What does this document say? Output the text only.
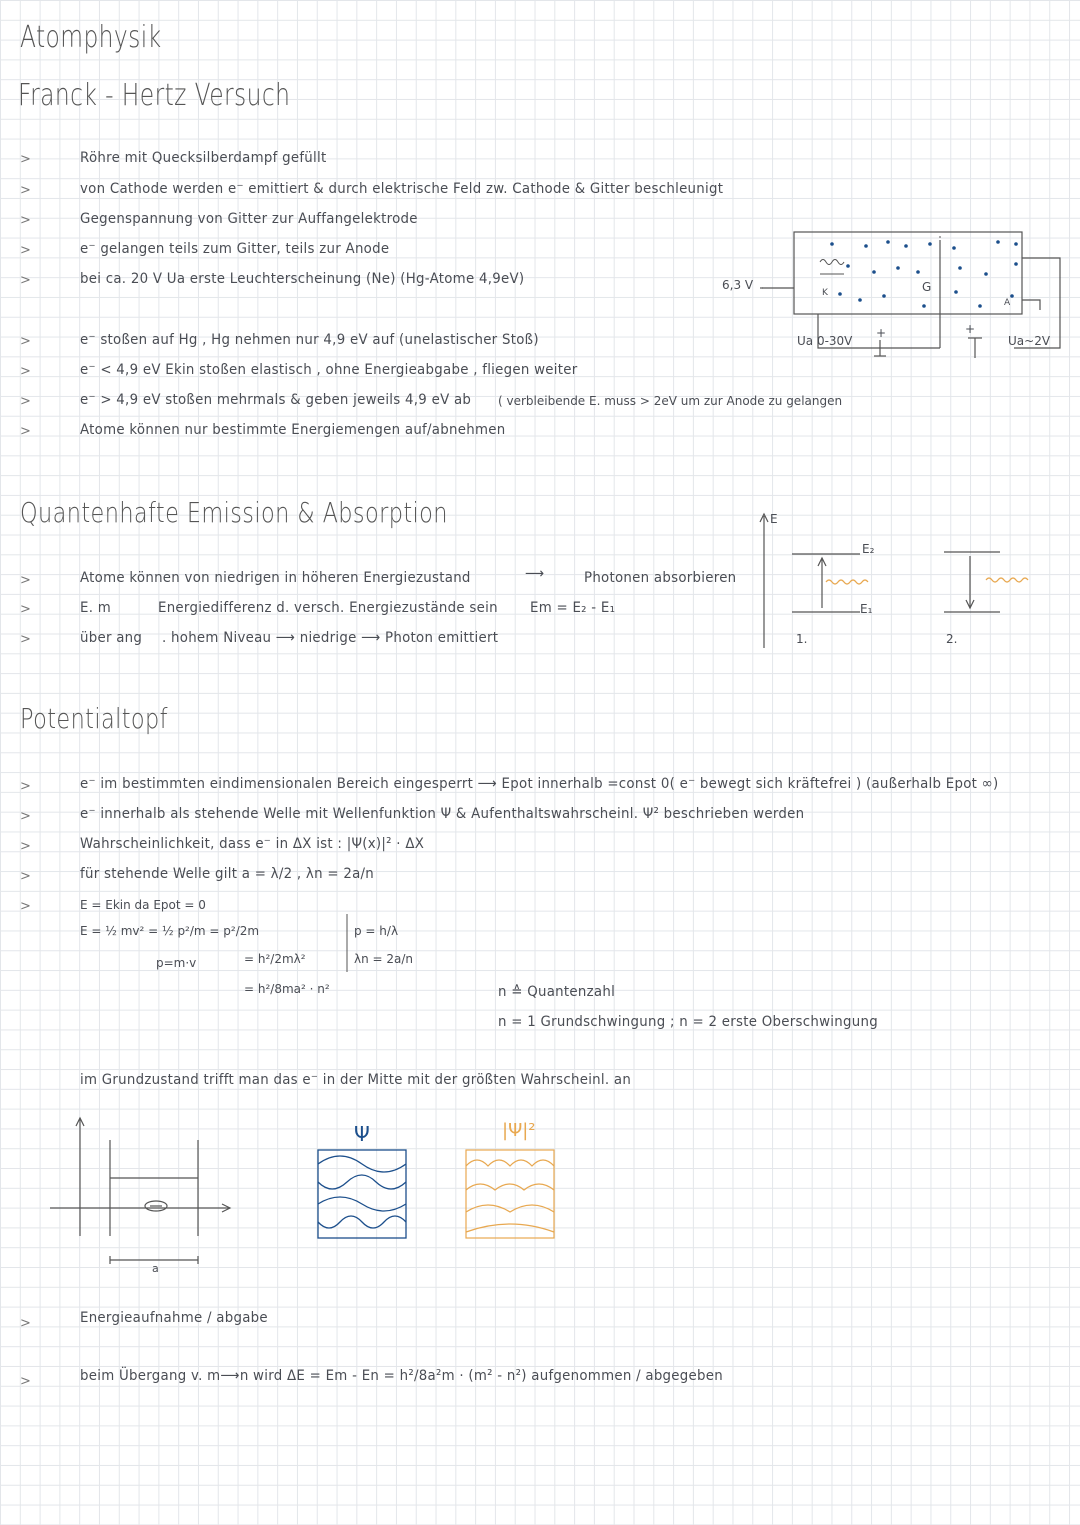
Atomphysik
Franck - Hertz Versuch
>	Röhre mit Quecksilberdampf gefüllt
>	von Cathode werden e⁻ emittiert & durch elektrische Feld zw. Cathode & Gitter beschleunigt
>	Gegenspannung von Gitter zur Auffangelektrode
>	e⁻ gelangen teils zum Gitter, teils zur Anode
>	bei ca. 20 V Ua erste Leuchterscheinung (Ne) (Hg-Atome 4,9eV)
>	e⁻ stoßen auf Hg , Hg nehmen nur 4,9 eV auf (unelastischer Stoß)
>	e⁻ < 4,9 eV Ekin stoßen elastisch , ohne Energieabgabe , fliegen weiter
>	e⁻ > 4,9 eV stoßen mehrmals & geben jeweils 4,9 eV ab ( verbleibende E. muss > 2eV um zur Anode zu gelangen
>	Atome können nur bestimmte Energiemengen auf/abnehmen
6,3 V
K	G
A
Ua 0-30V
+	+
Ua~2V
Quantenhafte Emission & Absorption
>	Atome können von niedrigen in höheren Energiezustand	⟶	Photonen absorbieren
>	E. m	Energiedifferenz d. versch. Energiezustände sein Em = E₂ - E₁
>	über ang . hohem Niveau ⟶ niedrige ⟶ Photon emittiert
E
E₂
E₁
1.	2.
Potentialtopf
>	e⁻ im bestimmten eindimensionalen Bereich eingesperrt ⟶ Epot innerhalb =const 0( e⁻ bewegt sich kräftefrei ) (außerhalb Epot ∞)
>	e⁻ innerhalb als stehende Welle mit Wellenfunktion Ψ & Aufenthaltswahrscheinl. Ψ² beschrieben werden
>	Wahrscheinlichkeit, dass e⁻ in ΔX ist : |Ψ(x)|² · ΔX
>	für stehende Welle gilt a = λ/2 , λn = 2a/n
>	E = Ekin da Epot = 0
E = ½ mv² = ½ p²/m = p²/2m
p=m·v	= h²/2mλ²
= h²/8ma² · n²
p = h/λ
λn = 2a/n
n ≙ Quantenzahl
n = 1 Grundschwingung ; n = 2 erste Oberschwingung
im Grundzustand trifft man das e⁻ in der Mitte mit der größten Wahrscheinl. an
a
Ψ	|Ψ|²
>	Energieaufnahme / abgabe
>	beim Übergang v. m⟶n wird ΔE = Em - En = h²/8a²m · (m² - n²) aufgenommen / abgegeben
